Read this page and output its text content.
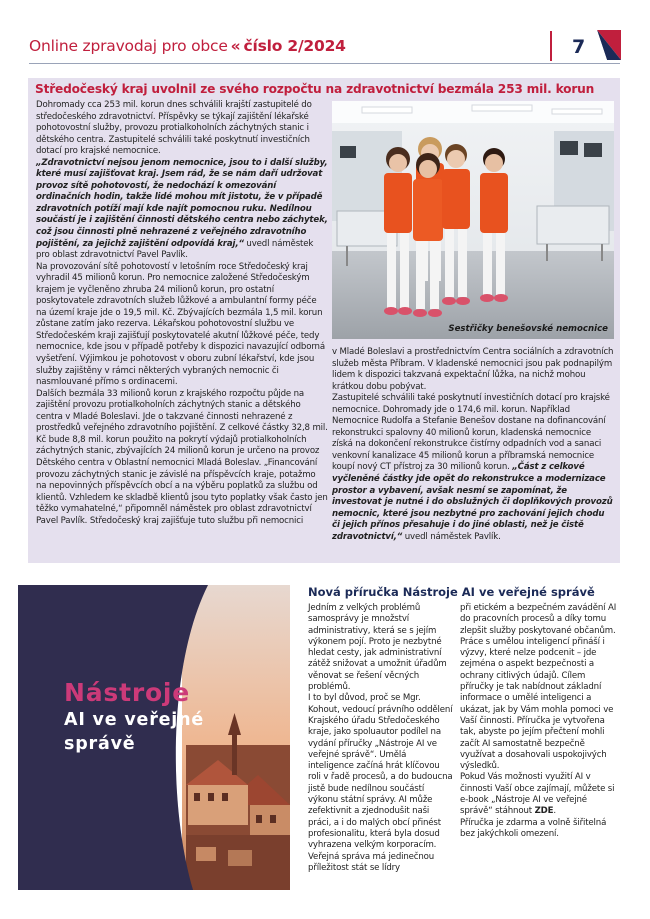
Online zpravodaj pro obce « číslo 2/2024	7
Středočeský kraj uvolnil ze svého rozpočtu na zdravotnictví bezmála 253 mil. korun

Dohromady cca 253 mil. korun dnes schválili krajští zastupitelé do středočeského zdravotnictví. Příspěvky se týkají zajištění lékařské pohotovostní služby, provozu protialkoholních záchytných stanic i dětského centra. Zastupitelé schválili také poskytnutí investičních dotací pro krajské nemocnice.

„Zdravotnictví nejsou jenom nemocnice, jsou to i další služby, které musí zajišťovat kraj. Jsem rád, že se nám daří udržovat provoz sítě pohotovostí, že nedochází k omezování ordinačních hodin, takže lidé mohou mít jistotu, že v případě zdravotních potíží mají kde najít pomocnou ruku. Nedílnou součástí je i zajištění činnosti dětského centra nebo záchytek, což jsou činnosti plně nehrazené z veřejného zdravotního pojištění, za jejichž zajištění odpovídá kraj,“ uvedl náměstek pro oblast zdravotnictví Pavel Pavlík.

Na provozování sítě pohotovostí v letošním roce Středočeský kraj vyhradil 45 milionů korun. Pro nemocnice založené Středočeským krajem je vyčleněno zhruba 24 milionů korun, pro ostatní poskytovatele zdravotních služeb lůžkové a ambulantní formy péče na území kraje jde o 19,5 mil. Kč. Zbývajících bezmála 1,5 mil. korun zůstane zatím jako rezerva. Lékařskou pohotovostní službu ve Středočeském kraji zajišťují poskytovatelé akutní lůžkové péče, tedy nemocnice, kde jsou v případě potřeby k dispozici navazující odborná vyšetření. Výjimkou je pohotovost v oboru zubní lékařství, kde jsou služby zajištěny v rámci některých vybraných nemocnic či nasmlouvané přímo s ordinacemi.

Dalších bezmála 33 milionů korun z krajského rozpočtu půjde na zajištění provozu protialkoholních záchytných stanic a dětského centra v Mladé Boleslavi. Jde o takzvané činnosti nehrazené z prostředků veřejného zdravotního pojištění. Z celkové částky 32,8 mil. Kč bude 8,8 mil. korun použito na pokrytí výdajů protialkoholních záchytných stanic, zbývajících 24 milionů korun je určeno na provoz Dětského centra v Oblastní nemocnici Mladá Boleslav. „Financování provozu záchytných stanic je závislé na příspěvcích kraje, potažmo na nepovinných příspěvcích obcí a na výběru poplatků za službu od klientů. Vzhledem ke skladbě klientů jsou tyto poplatky však často jen těžko vymahatelné,“ připomněl náměstek pro oblast zdravotnictví Pavel Pavlík. Středočeský kraj zajišťuje tuto službu při nemocnici

Sestřičky benešovské nemocnice

v Mladé Boleslavi a prostřednictvím Centra sociálních a zdravotních služeb města Příbram. V kladenské nemocnici jsou pak podnapilým lidem k dispozici takzvaná expektační lůžka, na nichž mohou krátkou dobu pobývat.

Zastupitelé schválili také poskytnutí investičních dotací pro krajské nemocnice. Dohromady jde o 174,6 mil. korun. Například Nemocnice Rudolfa a Stefanie Benešov dostane na dofinancování rekonstrukci spalovny 40 milionů korun, kladenská nemocnice získá na dokončení rekonstrukce čistírny odpadních vod a sanaci venkovní kanalizace 45 milionů korun a příbramská nemocnice koupí nový CT přístroj za 30 milionů korun. „Část z celkové vyčleněné částky jde opět do rekonstrukce a modernizace prostor a vybavení, avšak nesmí se zapomínat, že investovat je nutné i do obslužných či doplňkových provozů nemocnic, které jsou nezbytné pro zachování jejich chodu či jejich přínos přesahuje i do jiné oblasti, než je čistě zdravotnictví,“ uvedl náměstek Pavlík.

Nástroje
AI ve veřejné správě
Nová příručka Nástroje AI ve veřejné správě

Jedním z velkých problémů samosprávy je množství administrativy, která se s jejím výkonem pojí. Proto je nezbytné hledat cesty, jak administrativní zátěž snižovat a umožnit úřadům věnovat se řešení věcných problémů.

I to byl důvod, proč se Mgr. Kohout, vedoucí právního oddělení Krajského úřadu Středočeského kraje, jako spoluautor podílel na vydání příručky „Nástroje AI ve veřejné správě“. Umělá inteligence začíná hrát klíčovou roli v řadě procesů, a do budoucna jistě bude nedílnou součástí výkonu státní správy. AI může zefektivnit a zjednodušit naši práci, a i do malých obcí přinést profesionalitu, která byla dosud vyhrazena velkým korporacím. Veřejná správa má jedinečnou příležitost stát se lídry

při etickém a bezpečném zavádění AI do pracovních procesů a díky tomu zlepšit služby poskytované občanům.

Práce s umělou inteligencí přináší i výzvy, které nelze podcenit – jde zejména o aspekt bezpečnosti a ochrany citlivých údajů. Cílem příručky je tak nabídnout základní informace o umělé inteligenci a ukázat, jak by Vám mohla pomoci ve Vaší činnosti. Příručka je vytvořena tak, abyste po jejím přečtení mohli začít AI samostatně bezpečně využívat a dosahovali uspokojivých výsledků.

Pokud Vás možnosti využití AI v činnosti Vaší obce zajímají, můžete si e-book „Nástroje AI ve veřejné správě“ stáhnout ZDE.

Příručka je zdarma a volně šiřitelná bez jakýchkoli omezení.
